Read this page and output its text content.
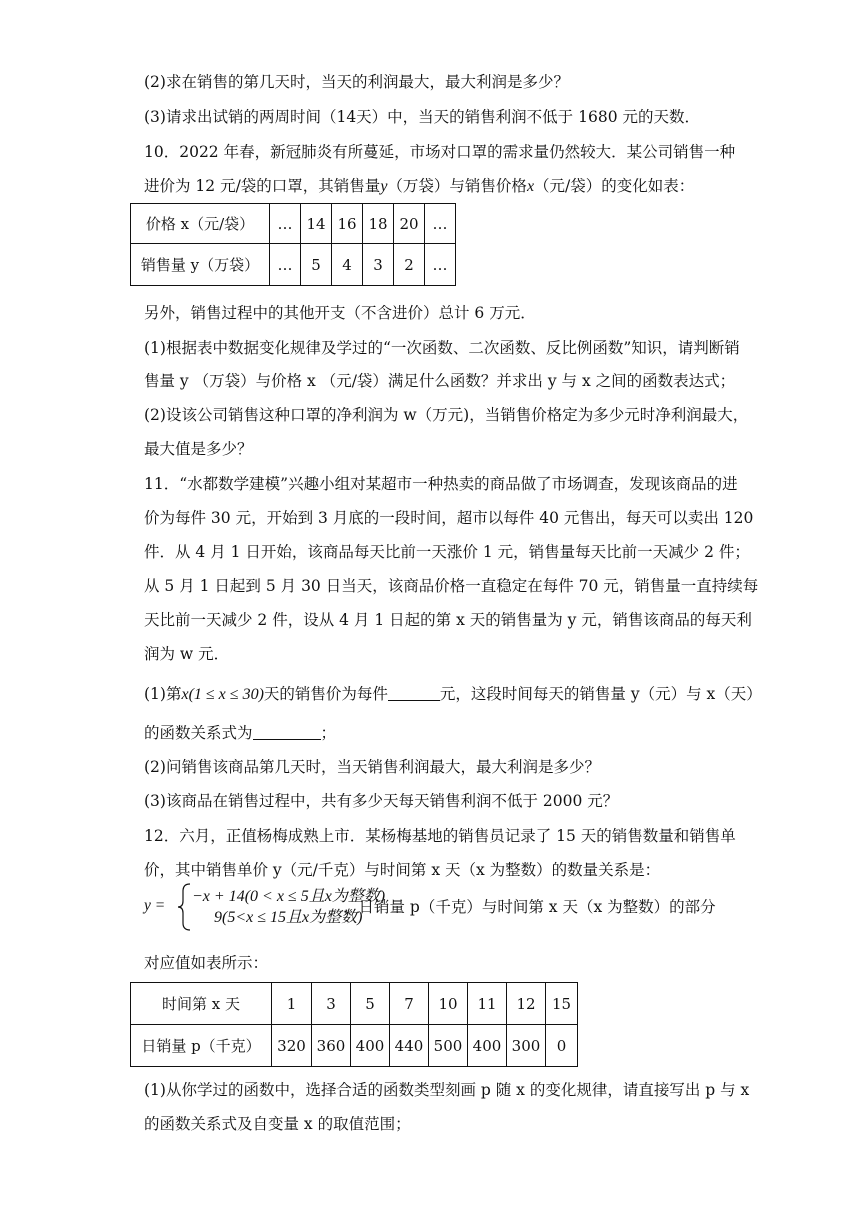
(2)求在销售的第几天时，当天的利润最大，最大利润是多少？
(3)请求出试销的两周时间（14天）中，当天的销售利润不低于 1680 元的天数．
10．2022 年春，新冠肺炎有所蔓延，市场对口罩的需求量仍然较大．某公司销售一种
进价为 12 元/袋的口罩，其销售量y（万袋）与销售价格x（元/袋）的变化如表：
价格 x（元/袋）	…	14	16	18	20	…
销售量 y（万袋）	…	5	4	3	2	…
另外，销售过程中的其他开支（不含进价）总计 6 万元．
(1)根据表中数据变化规律及学过的“一次函数、二次函数、反比例函数”知识，请判断销
售量 y （万袋）与价格 x （元/袋）满足什么函数？并求出 y 与 x 之间的函数表达式；
(2)设该公司销售这种口罩的净利润为 w（万元)，当销售价格定为多少元时净利润最大，
最大值是多少？
11．“水都数学建模”兴趣小组对某超市一种热卖的商品做了市场调查，发现该商品的进
价为每件 30 元，开始到 3 月底的一段时间，超市以每件 40 元售出，每天可以卖出 120
件．从 4 月 1 日开始，该商品每天比前一天涨价 1 元，销售量每天比前一天减少 2 件；
从 5 月 1 日起到 5 月 30 日当天，该商品价格一直稳定在每件 70 元，销售量一直持续每
天比前一天减少 2 件，设从 4 月 1 日起的第 x 天的销售量为 y 元，销售该商品的每天利
润为 w 元．
(1)第x(1 ≤ x ≤ 30)天的销售价为每件	元，这段时间每天的销售量 y（元）与 x（天）
的函数关系式为	；
(2)问销售该商品第几天时，当天销售利润最大，最大利润是多少？
(3)该商品在销售过程中，共有多少天每天销售利润不低于 2000 元？
12．六月，正值杨梅成熟上市．某杨梅基地的销售员记录了 15 天的销售数量和销售单
价，其中销售单价 y（元/千克）与时间第 x 天（x 为整数）的数量关系是：
y =
−x + 14(0 < x ≤ 5且x为整数)
9(5<x ≤ 15且x为整数)
，日销量 p（千克）与时间第 x 天（x 为整数）的部分
对应值如表所示：
时间第 x 天	1	3	5	7	10	11	12	15
日销量 p（千克）	320	360	400	440	500	400	300	0
(1)从你学过的函数中，选择合适的函数类型刻画 p 随 x 的变化规律，请直接写出 p 与 x
的函数关系式及自变量 x 的取值范围；
